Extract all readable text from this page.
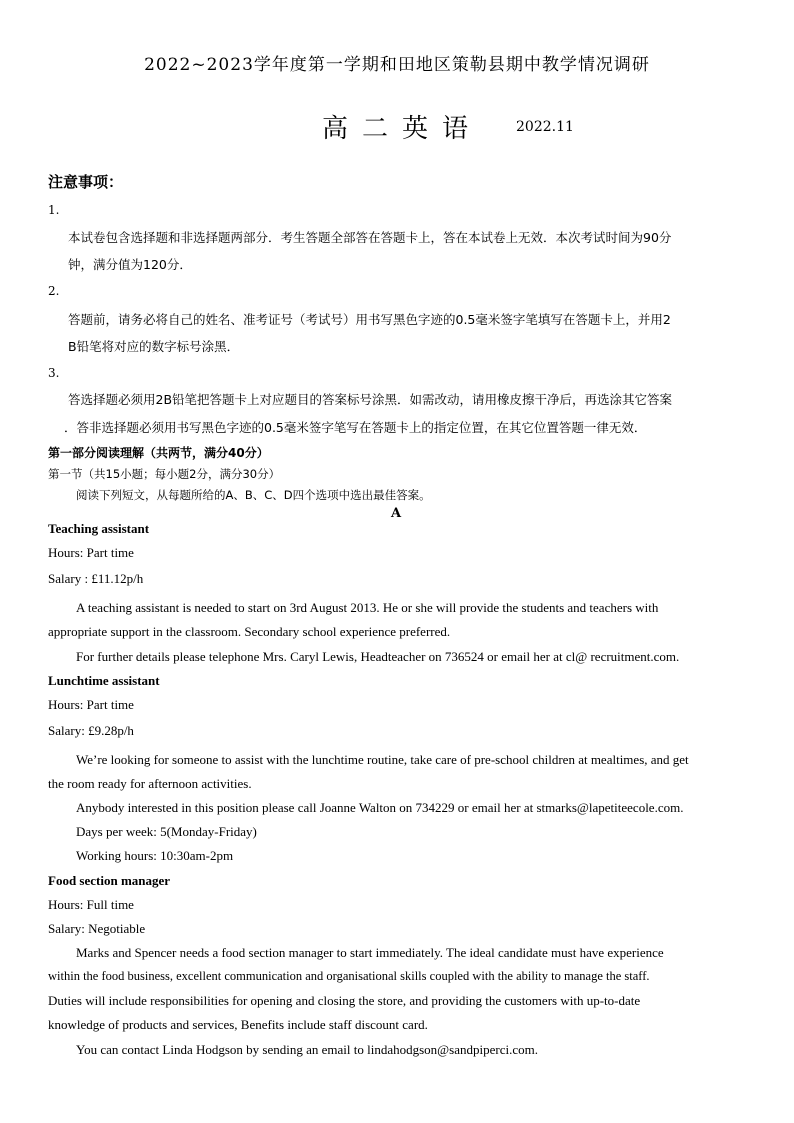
2022~2023学年度第一学期和田地区策勒县期中教学情况调研
高二英语 2022.11
注意事项：
1.
本试卷包含选择题和非选择题两部分．考生答题全部答在答题卡上，答在本试卷上无效．本次考试时间为90分
钟，满分值为120分．
2.
答题前，请务必将自己的姓名、准考证号（考试号）用书写黑色字迹的0.5毫米签字笔填写在答题卡上，并用2
B铅笔将对应的数字标号涂黑．
3.
答选择题必须用2B铅笔把答题卡上对应题目的答案标号涂黑．如需改动，请用橡皮擦干净后，再选涂其它答案
．答非选择题必须用书写黑色字迹的0.5毫米签字笔写在答题卡上的指定位置，在其它位置答题一律无效．
第一部分阅读理解（共两节，满分40分）
第一节（共15小题；每小题2分，满分30分）
阅读下列短文，从每题所给的A、B、C、D四个选项中选出最佳答案。
A
Teaching assistant
Hours: Part time
Salary : £11.12p/h
A teaching assistant is needed to start on 3rd August 2013. He or she will provide the students and teachers with
appropriate support in the classroom. Secondary school experience preferred.
For further details please telephone Mrs. Caryl Lewis, Headteacher on 736524 or email her at cl@ recruitment.com.
Lunchtime assistant
Hours: Part time
Salary: £9.28p/h
We’re looking for someone to assist with the lunchtime routine, take care of pre-school children at mealtimes, and get
the room ready for afternoon activities.
Anybody interested in this position please call Joanne Walton on 734229 or email her at stmarks@lapetiteecole.com.
Days per week: 5(Monday-Friday)
Working hours: 10:30am-2pm
Food section manager
Hours: Full time
Salary: Negotiable
Marks and Spencer needs a food section manager to start immediately. The ideal candidate must have experience
within the food business, excellent communication and organisational skills coupled with the ability to manage the staff.
Duties will include responsibilities for opening and closing the store, and providing the customers with up-to-date
knowledge of products and services, Benefits include staff discount card.
You can contact Linda Hodgson by sending an email to lindahodgson@sandpiperci.com.
